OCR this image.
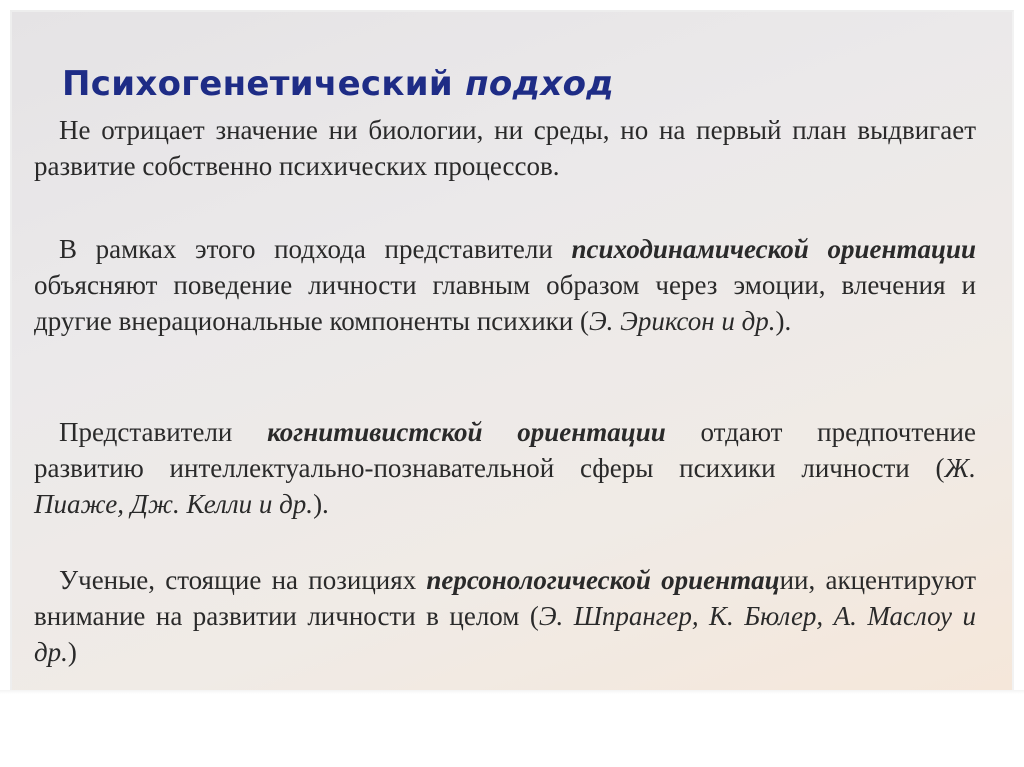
Психогенетический подход

Не отрицает значение ни биологии, ни среды, но на первый план выдвигает развитие собственно психических процессов.

В рамках этого подхода представители психодинамической ориентации объясняют поведение личности главным образом через эмоции, влечения и другие внерациональные компоненты психики (Э. Эриксон и др.).

Представители когнитивистской ориентации отдают предпочтение развитию интеллектуально-познавательной сферы психики личности (Ж. Пиаже, Дж. Келли и др.).

Ученые, стоящие на позициях персонологической ориентации, акцентируют внимание на развитии личности в целом (Э. Шпрангер, К. Бюлер, А. Маслоу и др.)
